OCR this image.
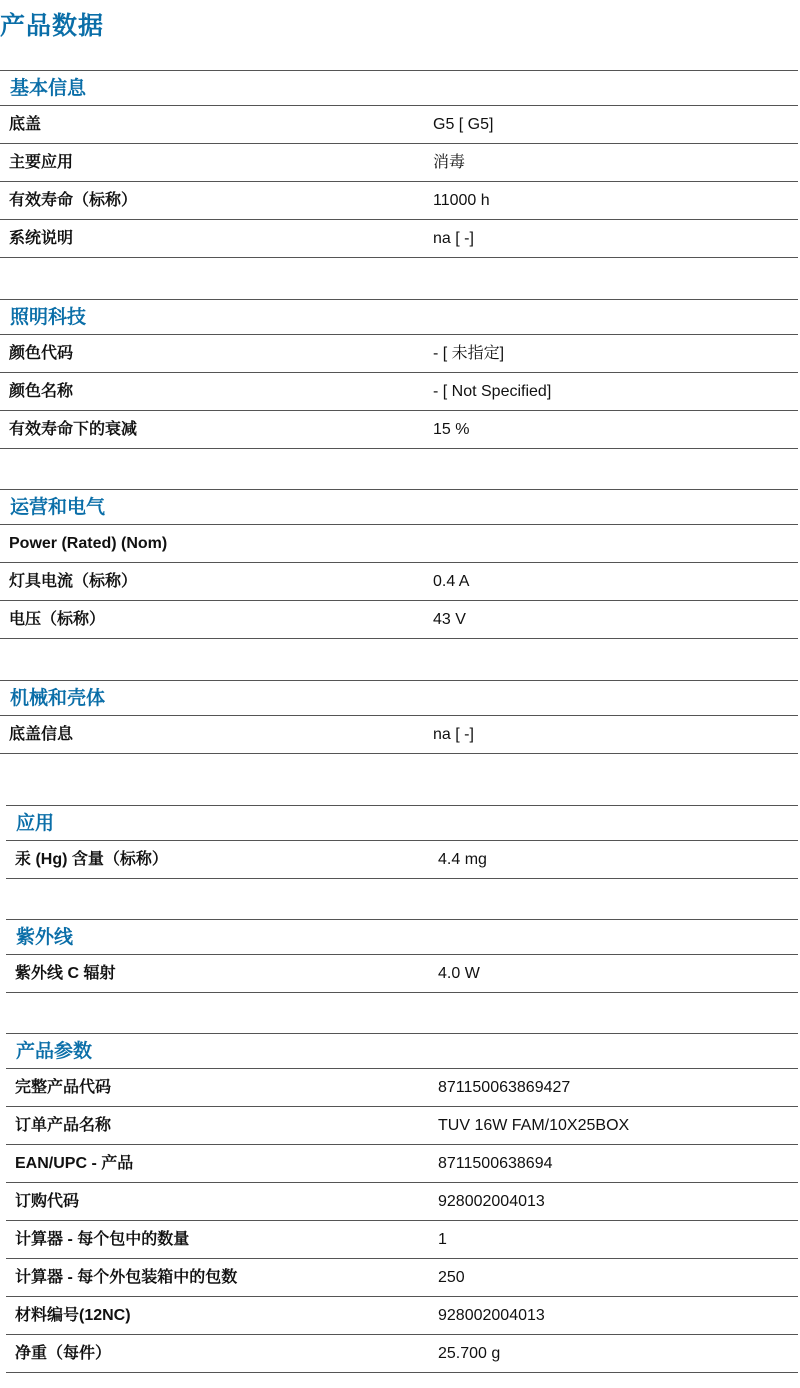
产品数据
基本信息
底盖	G5 [ G5]
主要应用	消毒
有效寿命（标称）	11000 h
系统说明	na [ -]
照明科技
颜色代码	- [ 未指定]
颜色名称	- [ Not Specified]
有效寿命下的衰减	15 %
运营和电气
Power (Rated) (Nom)
灯具电流（标称）	0.4 A
电压（标称）	43 V
机械和壳体
底盖信息	na [ -]
应用
汞 (Hg) 含量（标称）	4.4 mg
紫外线
紫外线 C 辐射	4.0 W
产品参数
完整产品代码	871150063869427
订单产品名称	TUV 16W FAM/10X25BOX
EAN/UPC - 产品	8711500638694
订购代码	928002004013
计算器 - 每个包中的数量	1
计算器 - 每个外包装箱中的包数	250
材料编号(12NC)	928002004013
净重（每件）	25.700 g
